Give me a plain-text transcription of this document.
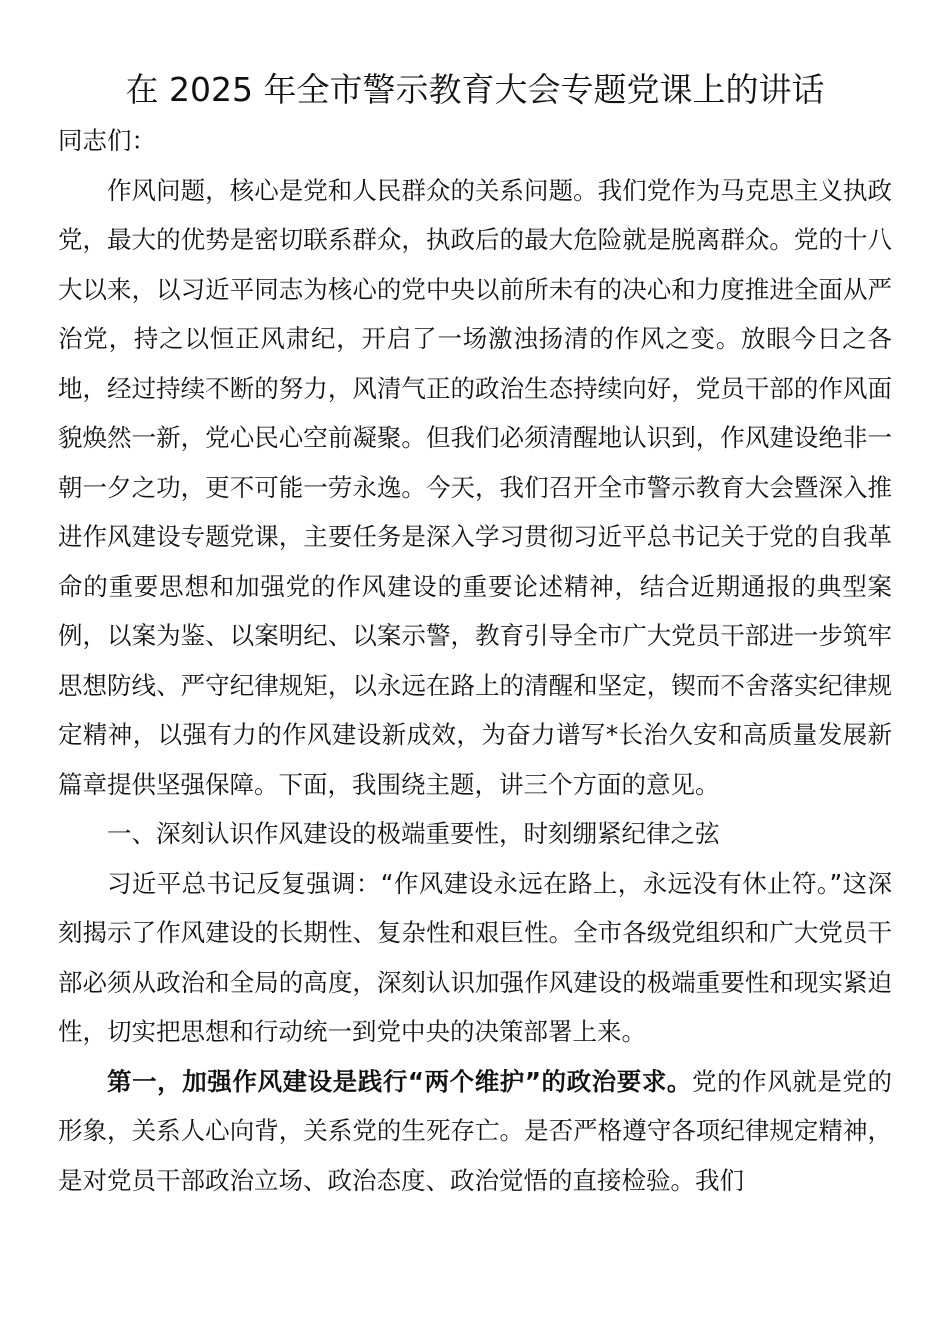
在 2025 年全市警示教育大会专题党课上的讲话

同志们：

作风问题，核心是党和人民群众的关系问题。我们党作为马克思主义执政党，最大的优势是密切联系群众，执政后的最大危险就是脱离群众。党的十八大以来，以习近平同志为核心的党中央以前所未有的决心和力度推进全面从严治党，持之以恒正风肃纪，开启了一场激浊扬清的作风之变。放眼今日之各地，经过持续不断的努力，风清气正的政治生态持续向好，党员干部的作风面貌焕然一新，党心民心空前凝聚。但我们必须清醒地认识到，作风建设绝非一朝一夕之功，更不可能一劳永逸。今天，我们召开全市警示教育大会暨深入推进作风建设专题党课，主要任务是深入学习贯彻习近平总书记关于党的自我革命的重要思想和加强党的作风建设的重要论述精神，结合近期通报的典型案例，以案为鉴、以案明纪、以案示警，教育引导全市广大党员干部进一步筑牢思想防线、严守纪律规矩，以永远在路上的清醒和坚定，锲而不舍落实纪律规定精神，以强有力的作风建设新成效，为奋力谱写*长治久安和高质量发展新篇章提供坚强保障。下面，我围绕主题，讲三个方面的意见。

一、深刻认识作风建设的极端重要性，时刻绷紧纪律之弦

习近平总书记反复强调：“作风建设永远在路上，永远没有休止符。”这深刻揭示了作风建设的长期性、复杂性和艰巨性。全市各级党组织和广大党员干部必须从政治和全局的高度，深刻认识加强作风建设的极端重要性和现实紧迫性，切实把思想和行动统一到党中央的决策部署上来。

第一，加强作风建设是践行“两个维护”的政治要求。党的作风就是党的形象，关系人心向背，关系党的生死存亡。是否严格遵守各项纪律规定精神，是对党员干部政治立场、政治态度、政治觉悟的直接检验。我们
